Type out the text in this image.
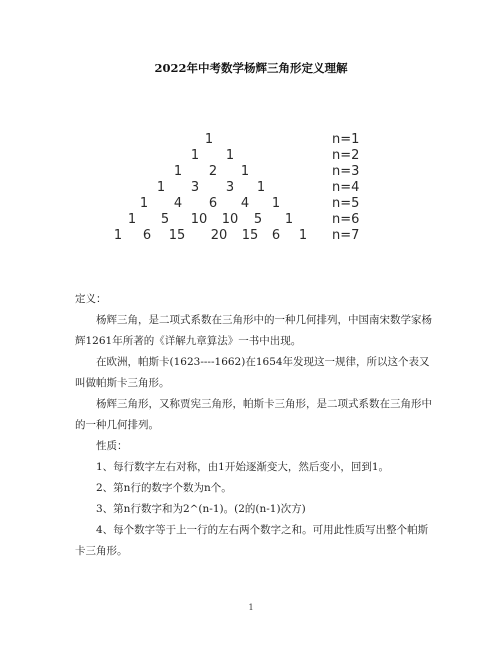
2022年中考数学杨辉三角形定义理解
1	n=1
1 1	n=2
1 2 1	n=3
1 3 3 1	n=4
1 4 6 4 1	n=5
1 5 10 10 5 1	n=6
1 6 15 20 15 6 1 n=7
定义：
　　杨辉三角，是二项式系数在三角形中的一种几何排列，中国南宋数学家杨辉1261年所著的《详解九章算法》一书中出现。
　　在欧洲，帕斯卡(1623----1662)在1654年发现这一规律，所以这个表又叫做帕斯卡三角形。
　　杨辉三角形，又称贾宪三角形，帕斯卡三角形，是二项式系数在三角形中的一种几何排列。
　　性质：
　　1、每行数字左右对称，由1开始逐渐变大，然后变小，回到1。
　　2、第n行的数字个数为n个。
　　3、第n行数字和为2^(n-1)。(2的(n-1)次方)
　　4、每个数字等于上一行的左右两个数字之和。可用此性质写出整个帕斯卡三角形。
1
